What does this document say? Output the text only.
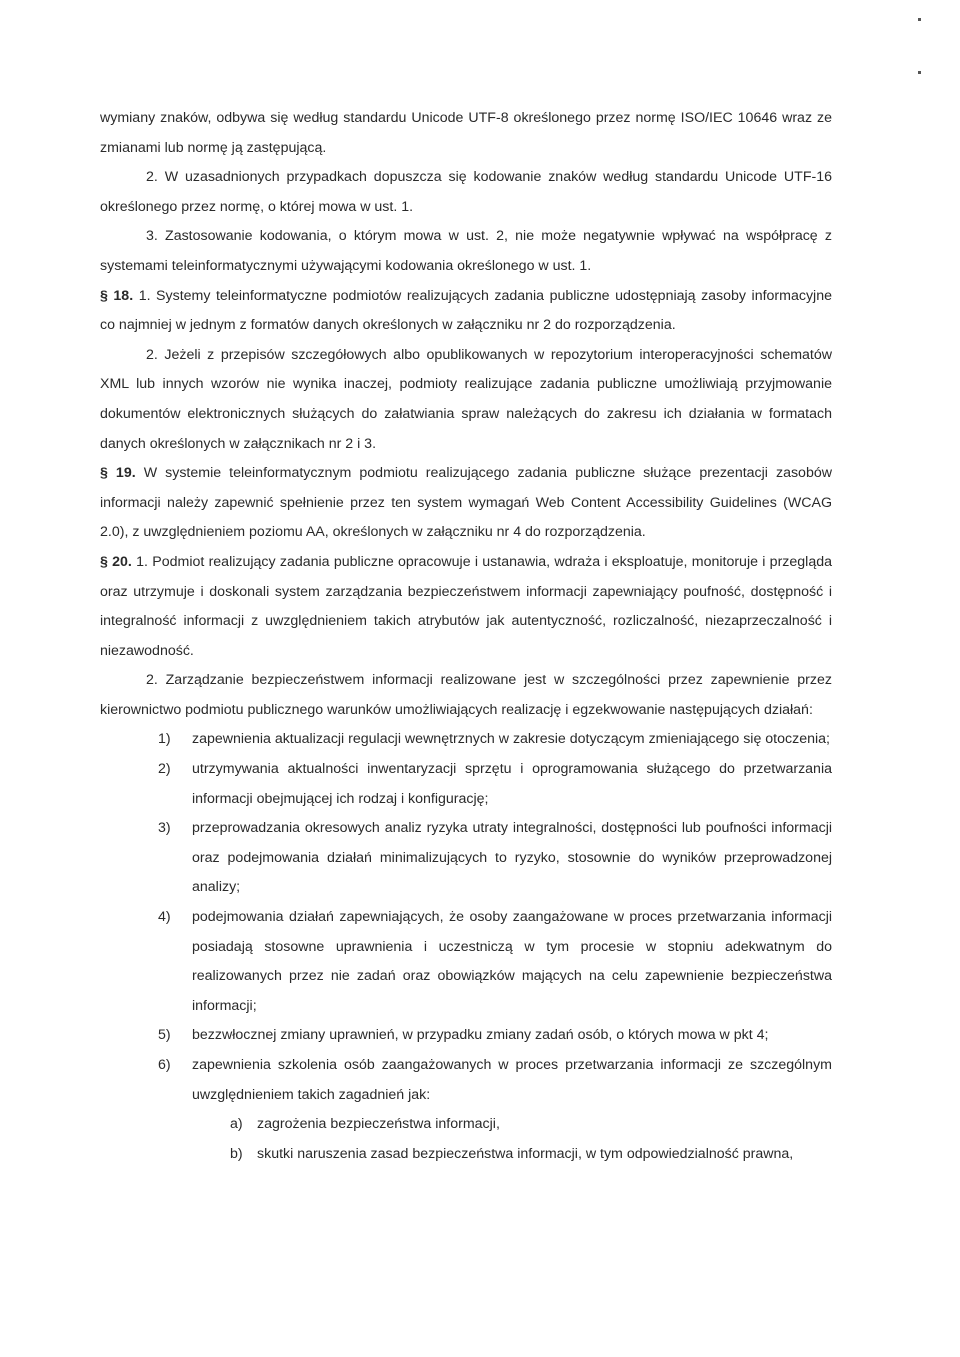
wymiany znaków, odbywa się według standardu Unicode UTF-8 określonego przez normę ISO/IEC 10646 wraz ze zmianami lub normę ją zastępującą.

2. W uzasadnionych przypadkach dopuszcza się kodowanie znaków według standardu Unicode UTF-16 określonego przez normę, o której mowa w ust. 1.

3. Zastosowanie kodowania, o którym mowa w ust. 2, nie może negatywnie wpływać na współpracę z systemami teleinformatycznymi używającymi kodowania określonego w ust. 1.

§ 18. 1. Systemy teleinformatyczne podmiotów realizujących zadania publiczne udostępniają zasoby informacyjne co najmniej w jednym z formatów danych określonych w załączniku nr 2 do rozporządzenia.

2. Jeżeli z przepisów szczegółowych albo opublikowanych w repozytorium interoperacyjności schematów XML lub innych wzorów nie wynika inaczej, podmioty realizujące zadania publiczne umożliwiają przyjmowanie dokumentów elektronicznych służących do załatwiania spraw należących do zakresu ich działania w formatach danych określonych w załącznikach nr 2 i 3.

§ 19. W systemie teleinformatycznym podmiotu realizującego zadania publiczne służące prezentacji zasobów informacji należy zapewnić spełnienie przez ten system wymagań Web Content Accessibility Guidelines (WCAG 2.0), z uwzględnieniem poziomu AA, określonych w załączniku nr 4 do rozporządzenia.

§ 20. 1. Podmiot realizujący zadania publiczne opracowuje i ustanawia, wdraża i eksploatuje, monitoruje i przegląda oraz utrzymuje i doskonali system zarządzania bezpieczeństwem informacji zapewniający poufność, dostępność i integralność informacji z uwzględnieniem takich atrybutów jak autentyczność, rozliczalność, niezaprzeczalność i niezawodność.

2. Zarządzanie bezpieczeństwem informacji realizowane jest w szczególności przez zapewnienie przez kierownictwo podmiotu publicznego warunków umożliwiających realizację i egzekwowanie następujących działań:

1) zapewnienia aktualizacji regulacji wewnętrznych w zakresie dotyczącym zmieniającego się otoczenia;
2) utrzymywania aktualności inwentaryzacji sprzętu i oprogramowania służącego do przetwarzania informacji obejmującej ich rodzaj i konfigurację;
3) przeprowadzania okresowych analiz ryzyka utraty integralności, dostępności lub poufności informacji oraz podejmowania działań minimalizujących to ryzyko, stosownie do wyników przeprowadzonej analizy;
4) podejmowania działań zapewniających, że osoby zaangażowane w proces przetwarzania informacji posiadają stosowne uprawnienia i uczestniczą w tym procesie w stopniu adekwatnym do realizowanych przez nie zadań oraz obowiązków mających na celu zapewnienie bezpieczeństwa informacji;
5) bezzwłocznej zmiany uprawnień, w przypadku zmiany zadań osób, o których mowa w pkt 4;
6) zapewnienia szkolenia osób zaangażowanych w proces przetwarzania informacji ze szczególnym uwzględnieniem takich zagadnień jak:
a) zagrożenia bezpieczeństwa informacji,
b) skutki naruszenia zasad bezpieczeństwa informacji, w tym odpowiedzialność prawna,
